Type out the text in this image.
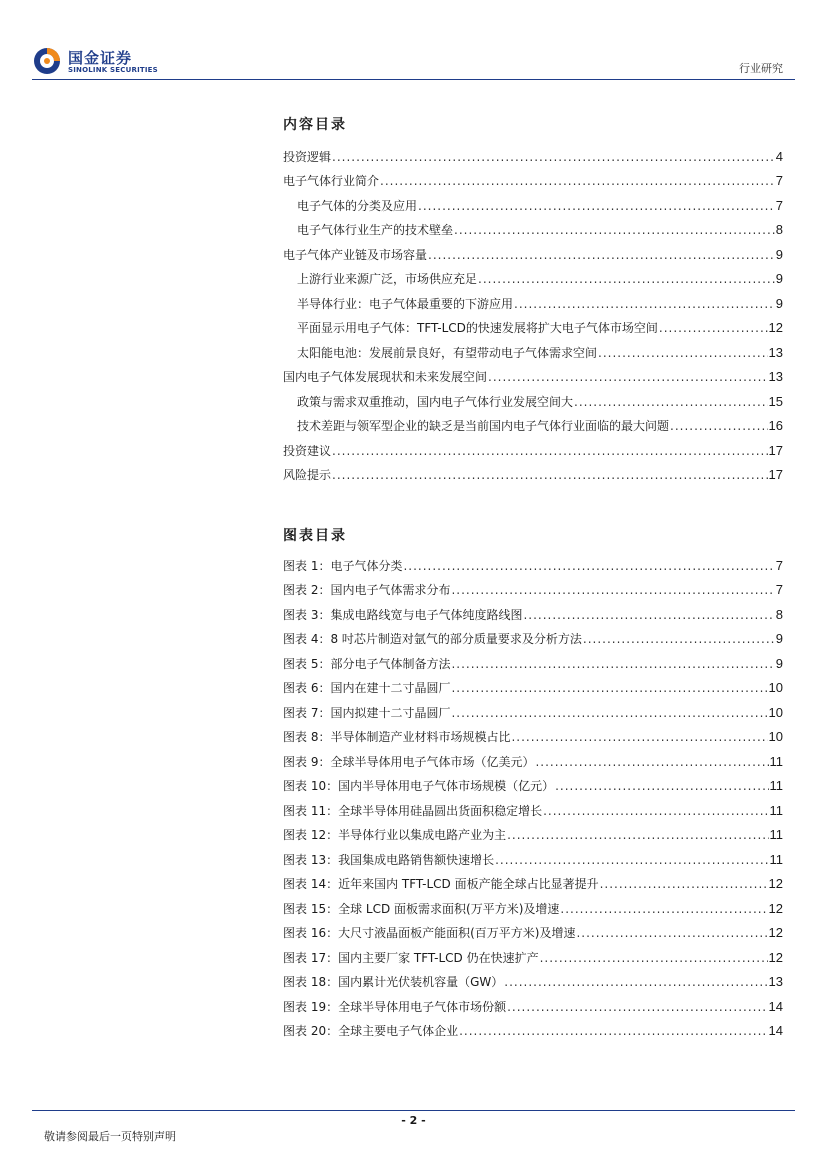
国金证券
SINOLINK SECURITIES	行业研究
内容目录
投资逻辑 .....	4
电子气体行业简介 .....	7
电子气体的分类及应用 .....	7
电子气体行业生产的技术壁垒 .....	8
电子气体产业链及市场容量 .....	9
上游行业来源广泛，市场供应充足 .....	9
半导体行业：电子气体最重要的下游应用 .....	9
平面显示用电子气体：TFT-LCD的快速发展将扩大电子气体市场空间 .....	12
太阳能电池：发展前景良好，有望带动电子气体需求空间 .....	13
国内电子气体发展现状和未来发展空间 .....	13
政策与需求双重推动，国内电子气体行业发展空间大 .....	15
技术差距与领军型企业的缺乏是当前国内电子气体行业面临的最大问题 .....	16
投资建议 .....	17
风险提示 .....	17
图表目录
图表 1：电子气体分类 .....	7
图表 2：国内电子气体需求分布 .....	7
图表 3：集成电路线宽与电子气体纯度路线图 .....	8
图表 4：8 吋芯片制造对氩气的部分质量要求及分析方法 .....	9
图表 5：部分电子气体制备方法 .....	9
图表 6：国内在建十二寸晶圆厂 .....	10
图表 7：国内拟建十二寸晶圆厂 .....	10
图表 8：半导体制造产业材料市场规模占比 .....	10
图表 9：全球半导体用电子气体市场（亿美元） .....	11
图表 10：国内半导体用电子气体市场规模（亿元） .....	11
图表 11：全球半导体用硅晶圆出货面积稳定增长 .....	11
图表 12：半导体行业以集成电路产业为主 .....	11
图表 13：我国集成电路销售额快速增长 .....	11
图表 14：近年来国内 TFT-LCD 面板产能全球占比显著提升 .....	12
图表 15：全球 LCD 面板需求面积(万平方米)及增速 .....	12
图表 16：大尺寸液晶面板产能面积(百万平方米)及增速 .....	12
图表 17：国内主要厂家 TFT-LCD 仍在快速扩产 .....	12
图表 18：国内累计光伏装机容量（GW） .....	13
图表 19：全球半导体用电子气体市场份额 .....	14
图表 20：全球主要电子气体企业 .....	14
- 2 -
敬请参阅最后一页特别声明
